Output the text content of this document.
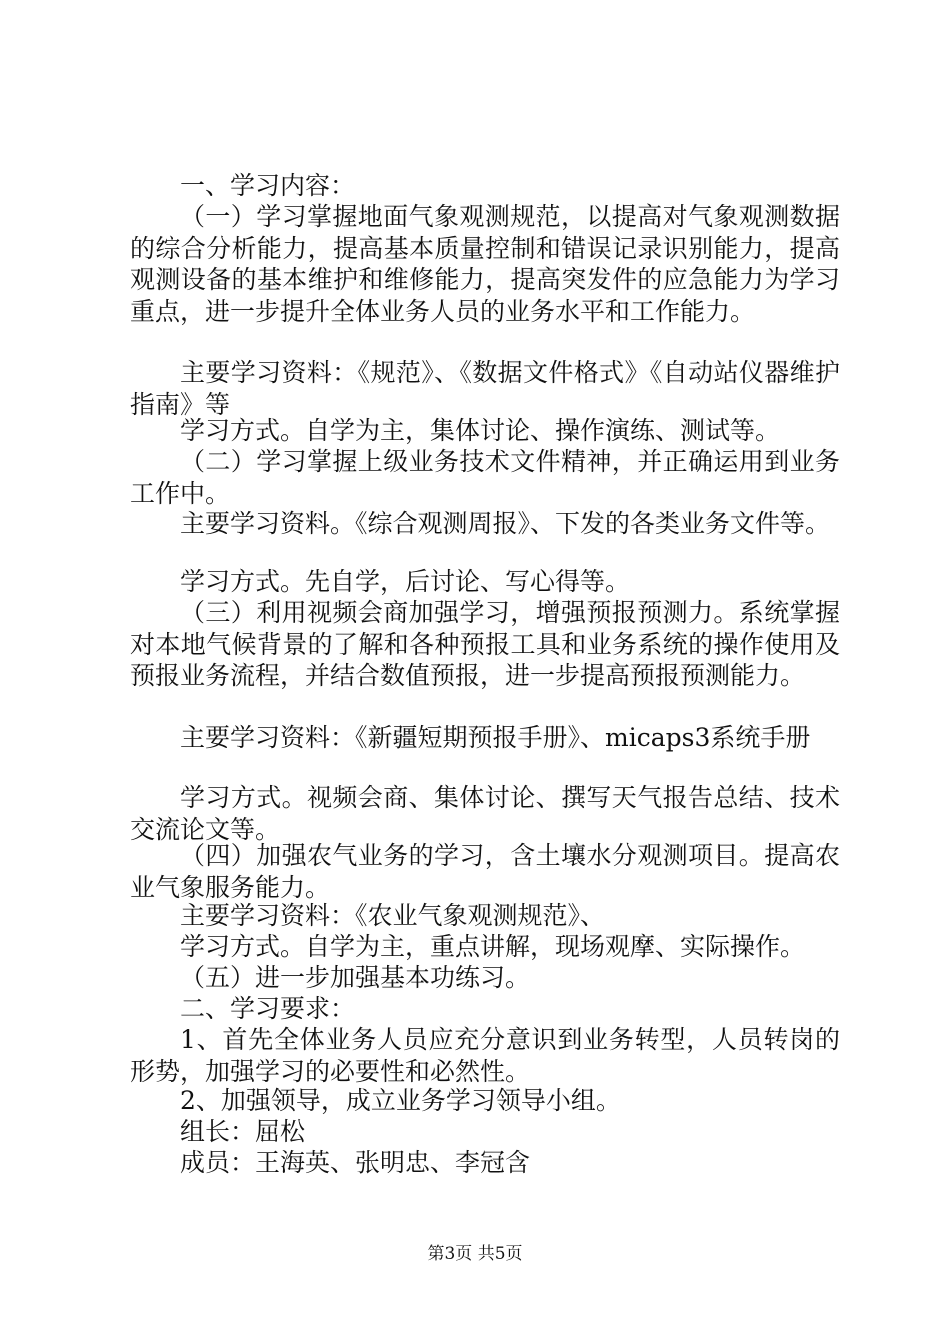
一、学习内容：

（一）学习掌握地面气象观测规范，以提高对气象观测数据的综合分析能力，提高基本质量控制和错误记录识别能力，提高观测设备的基本维护和维修能力，提高突发件的应急能力为学习重点，进一步提升全体业务人员的业务水平和工作能力。

主要学习资料：《规范》、《数据文件格式》《自动站仪器维护指南》等

学习方式。自学为主，集体讨论、操作演练、测试等。

（二）学习掌握上级业务技术文件精神，并正确运用到业务工作中。

主要学习资料。《综合观测周报》、下发的各类业务文件等。

学习方式。先自学，后讨论、写心得等。

（三）利用视频会商加强学习，增强预报预测力。系统掌握对本地气候背景的了解和各种预报工具和业务系统的操作使用及预报业务流程，并结合数值预报，进一步提高预报预测能力。

主要学习资料：《新疆短期预报手册》、micaps3系统手册

学习方式。视频会商、集体讨论、撰写天气报告总结、技术交流论文等。

（四）加强农气业务的学习，含土壤水分观测项目。提高农业气象服务能力。

主要学习资料：《农业气象观测规范》、

学习方式。自学为主，重点讲解，现场观摩、实际操作。

（五）进一步加强基本功练习。

二、学习要求：

1、首先全体业务人员应充分意识到业务转型，人员转岗的形势，加强学习的必要性和必然性。

2、加强领导，成立业务学习领导小组。

组长：屈松

成员：王海英、张明忠、李冠含

第3页 共5页
